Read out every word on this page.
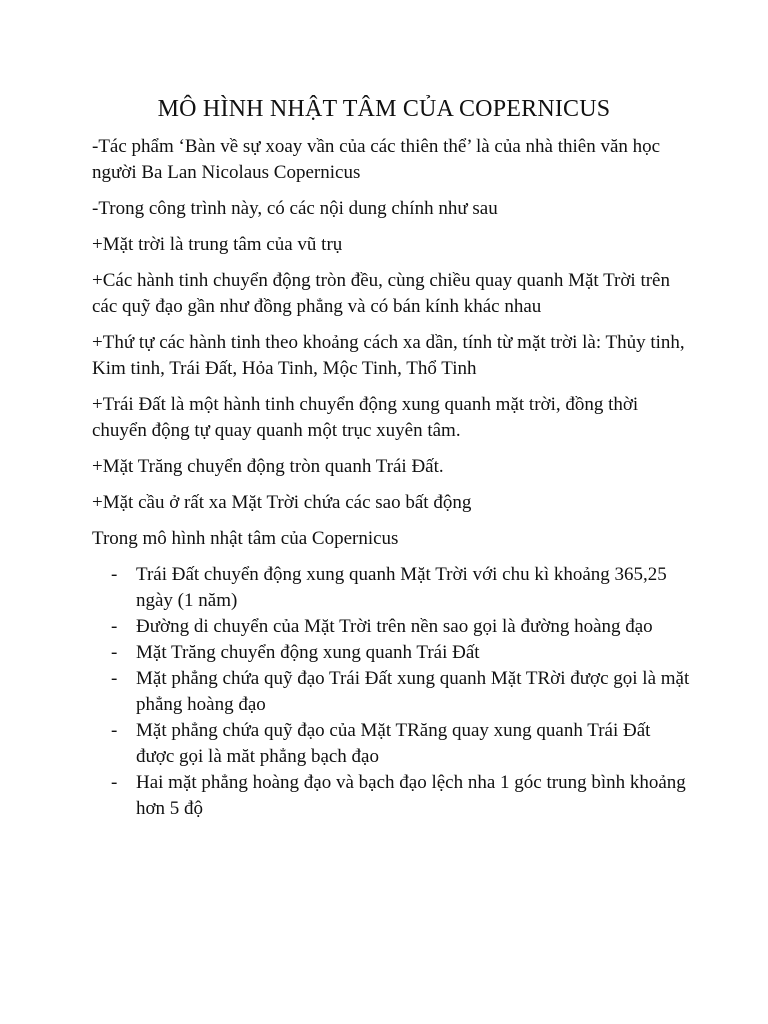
MÔ HÌNH NHẬT TÂM CỦA COPERNICUS

-Tác phẩm ‘Bàn về sự xoay vần của các thiên thể’ là của nhà thiên văn học người Ba Lan Nicolaus Copernicus

-Trong công trình này, có các nội dung chính như sau

+Mặt trời là trung tâm của vũ trụ

+Các hành tinh chuyển động tròn đều, cùng chiều quay quanh Mặt Trời trên các quỹ đạo gần như đồng phẳng và có bán kính khác nhau

+Thứ tự các hành tinh theo khoảng cách xa dần, tính từ mặt trời là: Thủy tinh, Kim tinh, Trái Đất, Hỏa Tinh, Mộc Tinh, Thổ Tinh

+Trái Đất là một hành tinh chuyển động xung quanh mặt trời, đồng thời chuyển động tự quay quanh một trục xuyên tâm.

+Mặt Trăng chuyển động tròn quanh Trái Đất.

+Mặt cầu ở rất xa Mặt Trời chứa các sao bất động

Trong mô hình nhật tâm của Copernicus

- Trái Đất chuyển động xung quanh Mặt Trời với chu kì khoảng 365,25 ngày (1 năm)
- Đường di chuyển của Mặt Trời trên nền sao gọi là đường hoàng đạo
- Mặt Trăng chuyển động xung quanh Trái Đất
- Mặt phẳng chứa quỹ đạo Trái Đất xung quanh Mặt TRời được gọi là mặt phẳng hoàng đạo
- Mặt phẳng chứa quỹ đạo của Mặt TRăng quay xung quanh Trái Đất được gọi là măt phẳng bạch đạo
- Hai mặt phẳng hoàng đạo và bạch đạo lệch nha 1 góc trung bình khoảng hơn 5 độ
